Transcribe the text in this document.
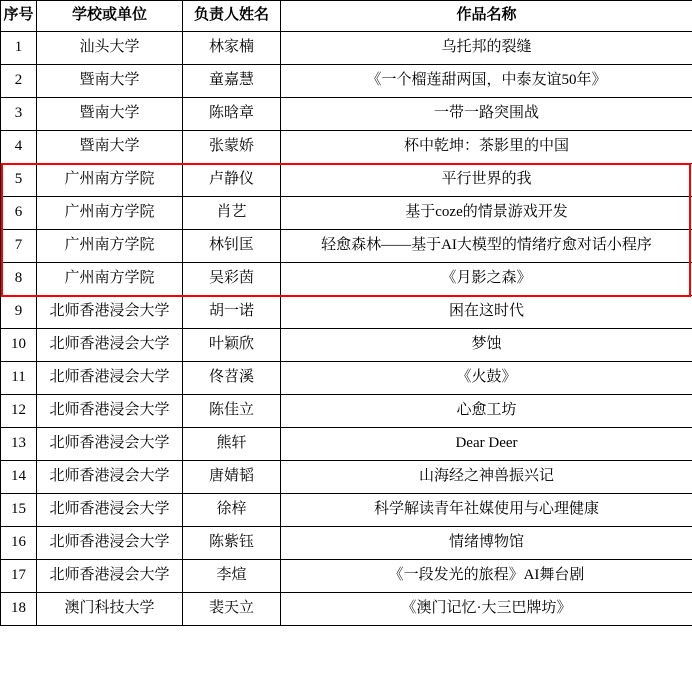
序号	学校或单位	负责人姓名	作品名称
1	汕头大学	林家楠	乌托邦的裂缝
2	暨南大学	童嘉慧	《一个榴莲甜两国，中泰友谊50年》
3	暨南大学	陈晗章	一带一路突围战
4	暨南大学	张蒙娇	杯中乾坤：茶影里的中国
5	广州南方学院	卢静仪	平行世界的我
6	广州南方学院	肖艺	基于coze的情景游戏开发
7	广州南方学院	林钊匡	轻愈森林——基于AI大模型的情绪疗愈对话小程序
8	广州南方学院	吴彩茵	《月影之森》
9	北师香港浸会大学	胡一诺	困在这时代
10	北师香港浸会大学	叶颖欣	梦蚀
11	北师香港浸会大学	佟苕溪	《火鼓》
12	北师香港浸会大学	陈佳立	心愈工坊
13	北师香港浸会大学	熊轩	Dear Deer
14	北师香港浸会大学	唐婧韬	山海经之神兽振兴记
15	北师香港浸会大学	徐梓	科学解读青年社媒使用与心理健康
16	北师香港浸会大学	陈紫钰	情绪博物馆
17	北师香港浸会大学	李煊	《一段发光的旅程》AI舞台剧
18	澳门科技大学	裴天立	《澳门记忆·大三巴牌坊》
